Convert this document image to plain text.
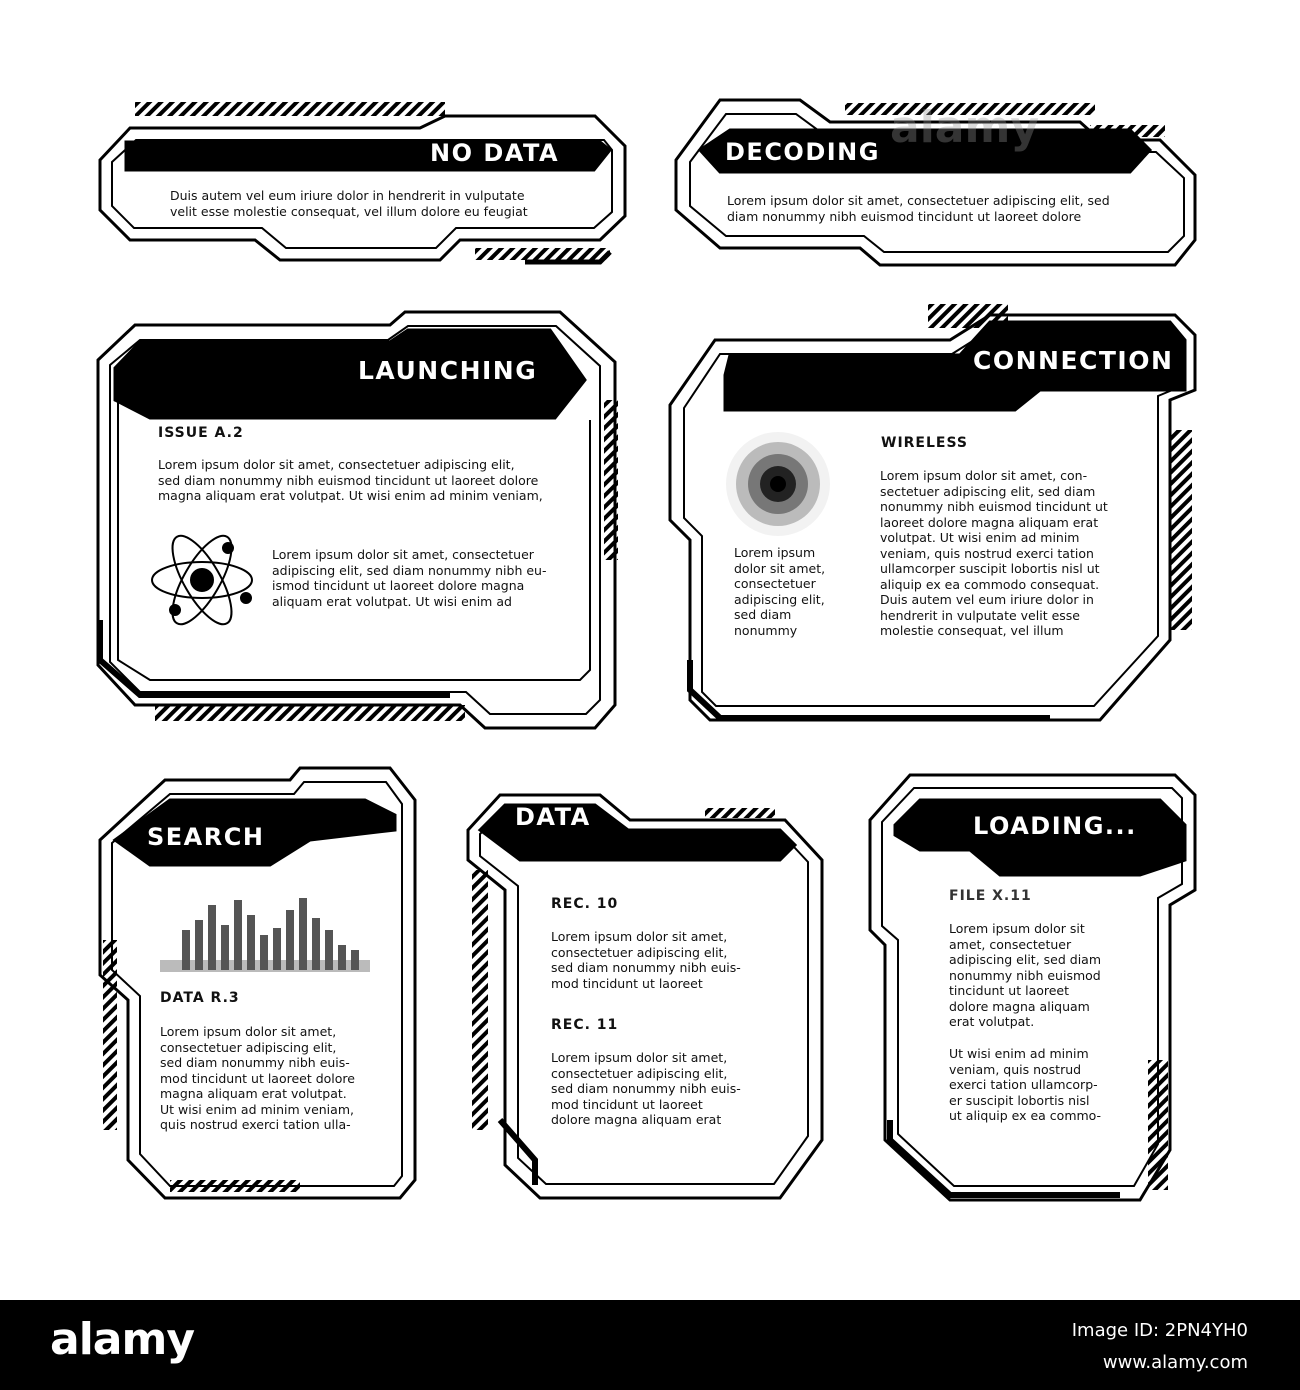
alamy
NO DATA
Duis autem vel eum iriure dolor in hendrerit in vulputate
velit esse molestie consequat, vel illum dolore eu feugiat
DECODING
Lorem ipsum dolor sit amet, consectetuer adipiscing elit, sed
diam nonummy nibh euismod tincidunt ut laoreet dolore
LAUNCHING
ISSUE A.2
Lorem ipsum dolor sit amet, consectetuer adipiscing elit,
sed diam nonummy nibh euismod tincidunt ut laoreet dolore
magna aliquam erat volutpat. Ut wisi enim ad minim veniam,
Lorem ipsum dolor sit amet, consectetuer
adipiscing elit, sed diam nonummy nibh eu-
ismod tincidunt ut laoreet dolore magna
aliquam erat volutpat. Ut wisi enim ad
CONNECTION
WIRELESS
Lorem ipsum
dolor sit amet,
consectetuer
adipiscing elit,
sed diam
nonummy
Lorem ipsum dolor sit amet, con-
sectetuer adipiscing elit, sed diam
nonummy nibh euismod tincidunt ut
laoreet dolore magna aliquam erat
volutpat. Ut wisi enim ad minim
veniam, quis nostrud exerci tation
ullamcorper suscipit lobortis nisl ut
aliquip ex ea commodo consequat.
Duis autem vel eum iriure dolor in
hendrerit in vulputate velit esse
molestie consequat, vel illum
SEARCH
DATA R.3
Lorem ipsum dolor sit amet,
consectetuer adipiscing elit,
sed diam nonummy nibh euis-
mod tincidunt ut laoreet dolore
magna aliquam erat volutpat.
Ut wisi enim ad minim veniam,
quis nostrud exerci tation ulla-
DATA
REC. 10
Lorem ipsum dolor sit amet,
consectetuer adipiscing elit,
sed diam nonummy nibh euis-
mod tincidunt ut laoreet
REC. 11
Lorem ipsum dolor sit amet,
consectetuer adipiscing elit,
sed diam nonummy nibh euis-
mod tincidunt ut laoreet
dolore magna aliquam erat
LOADING...
FILE X.11
Lorem ipsum dolor sit
amet, consectetuer
adipiscing elit, sed diam
nonummy nibh euismod
tincidunt ut laoreet
dolore magna aliquam
erat volutpat.
Ut wisi enim ad minim
veniam, quis nostrud
exerci tation ullamcorp-
er suscipit lobortis nisl
ut aliquip ex ea commo-
alamy	Image ID: 2PN4YH0
www.alamy.com
